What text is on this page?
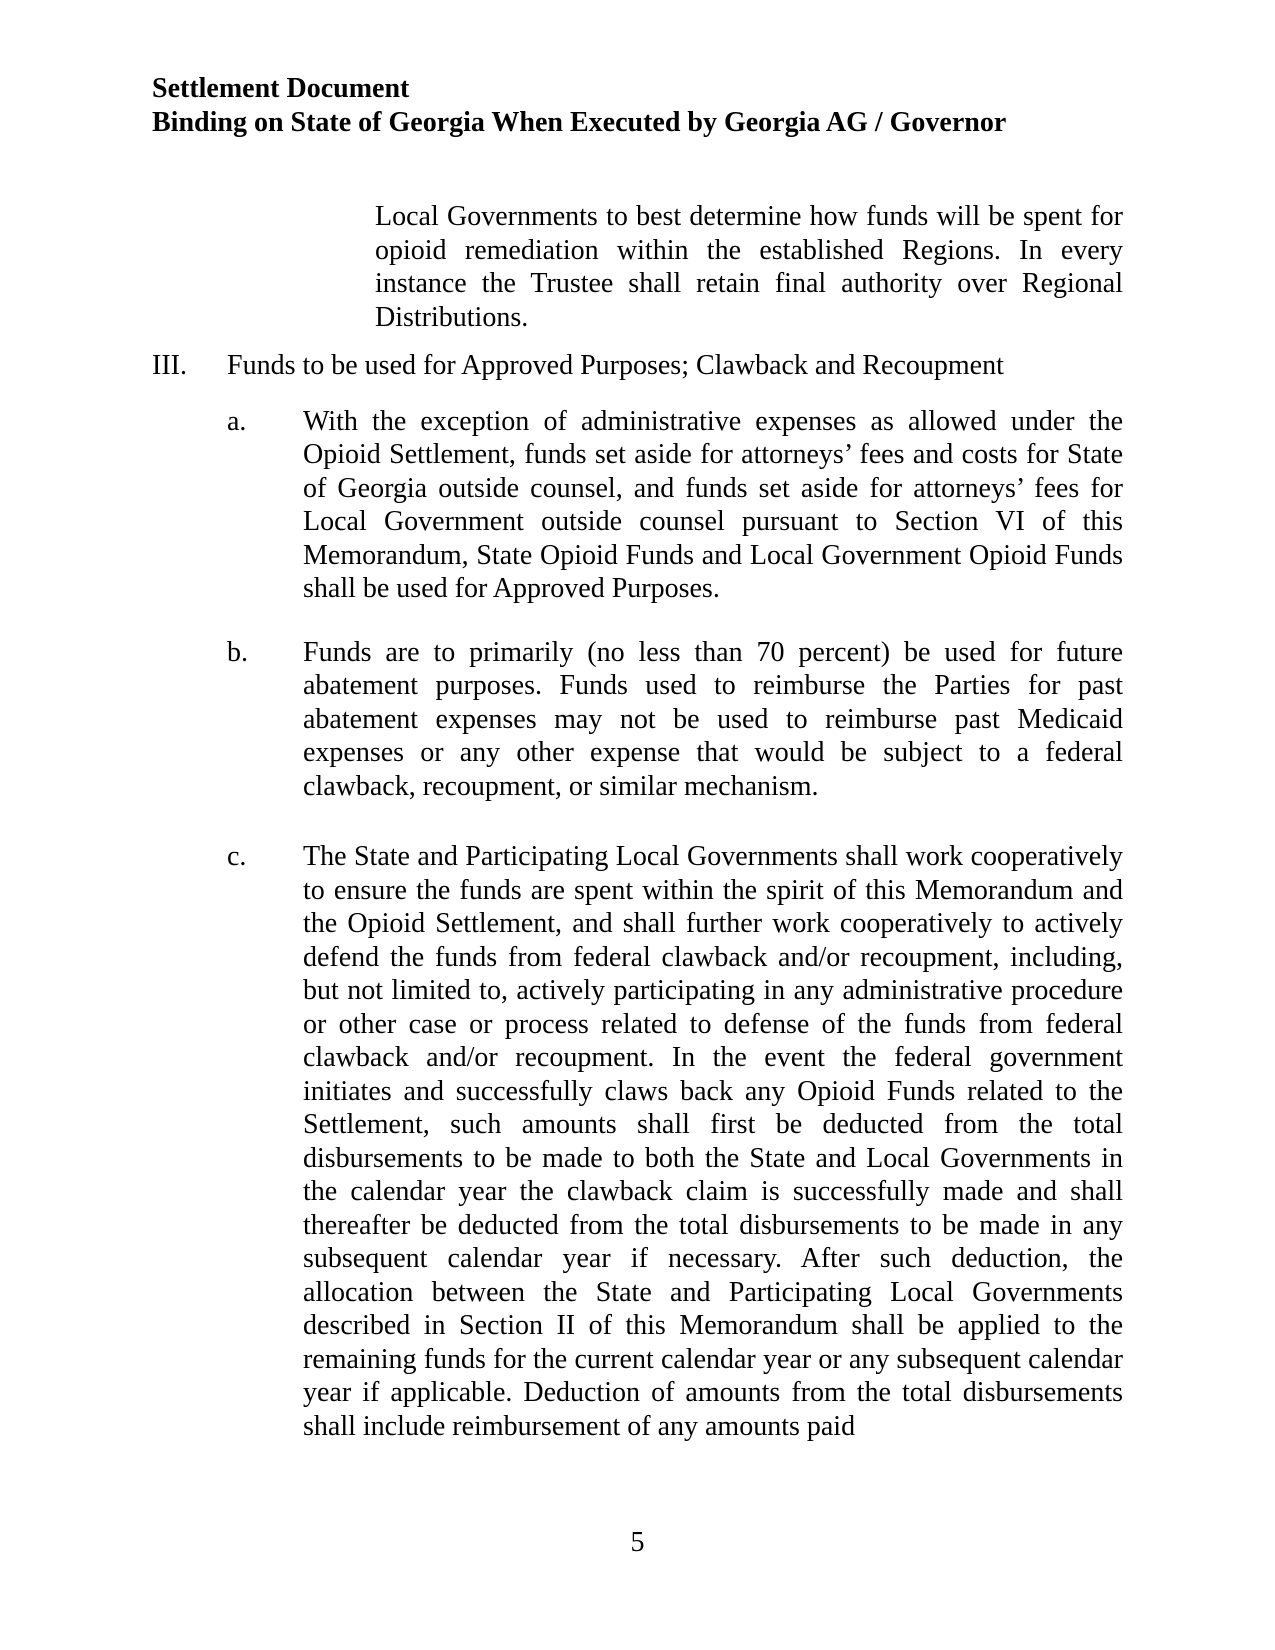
Settlement Document
Binding on State of Georgia When Executed by Georgia AG / Governor
Local Governments to best determine how funds will be spent for opioid remediation within the established Regions. In every instance the Trustee shall retain final authority over Regional Distributions.
III.	Funds to be used for Approved Purposes; Clawback and Recoupment
a.	With the exception of administrative expenses as allowed under the Opioid Settlement, funds set aside for attorneys’ fees and costs for State of Georgia outside counsel, and funds set aside for attorneys’ fees for Local Government outside counsel pursuant to Section VI of this Memorandum, State Opioid Funds and Local Government Opioid Funds shall be used for Approved Purposes.
b.	Funds are to primarily (no less than 70 percent) be used for future abatement purposes. Funds used to reimburse the Parties for past abatement expenses may not be used to reimburse past Medicaid expenses or any other expense that would be subject to a federal clawback, recoupment, or similar mechanism.
c.	The State and Participating Local Governments shall work cooperatively to ensure the funds are spent within the spirit of this Memorandum and the Opioid Settlement, and shall further work cooperatively to actively defend the funds from federal clawback and/or recoupment, including, but not limited to, actively participating in any administrative procedure or other case or process related to defense of the funds from federal clawback and/or recoupment. In the event the federal government initiates and successfully claws back any Opioid Funds related to the Settlement, such amounts shall first be deducted from the total disbursements to be made to both the State and Local Governments in the calendar year the clawback claim is successfully made and shall thereafter be deducted from the total disbursements to be made in any subsequent calendar year if necessary. After such deduction, the allocation between the State and Participating Local Governments described in Section II of this Memorandum shall be applied to the remaining funds for the current calendar year or any subsequent calendar year if applicable. Deduction of amounts from the total disbursements shall include reimbursement of any amounts paid
5
